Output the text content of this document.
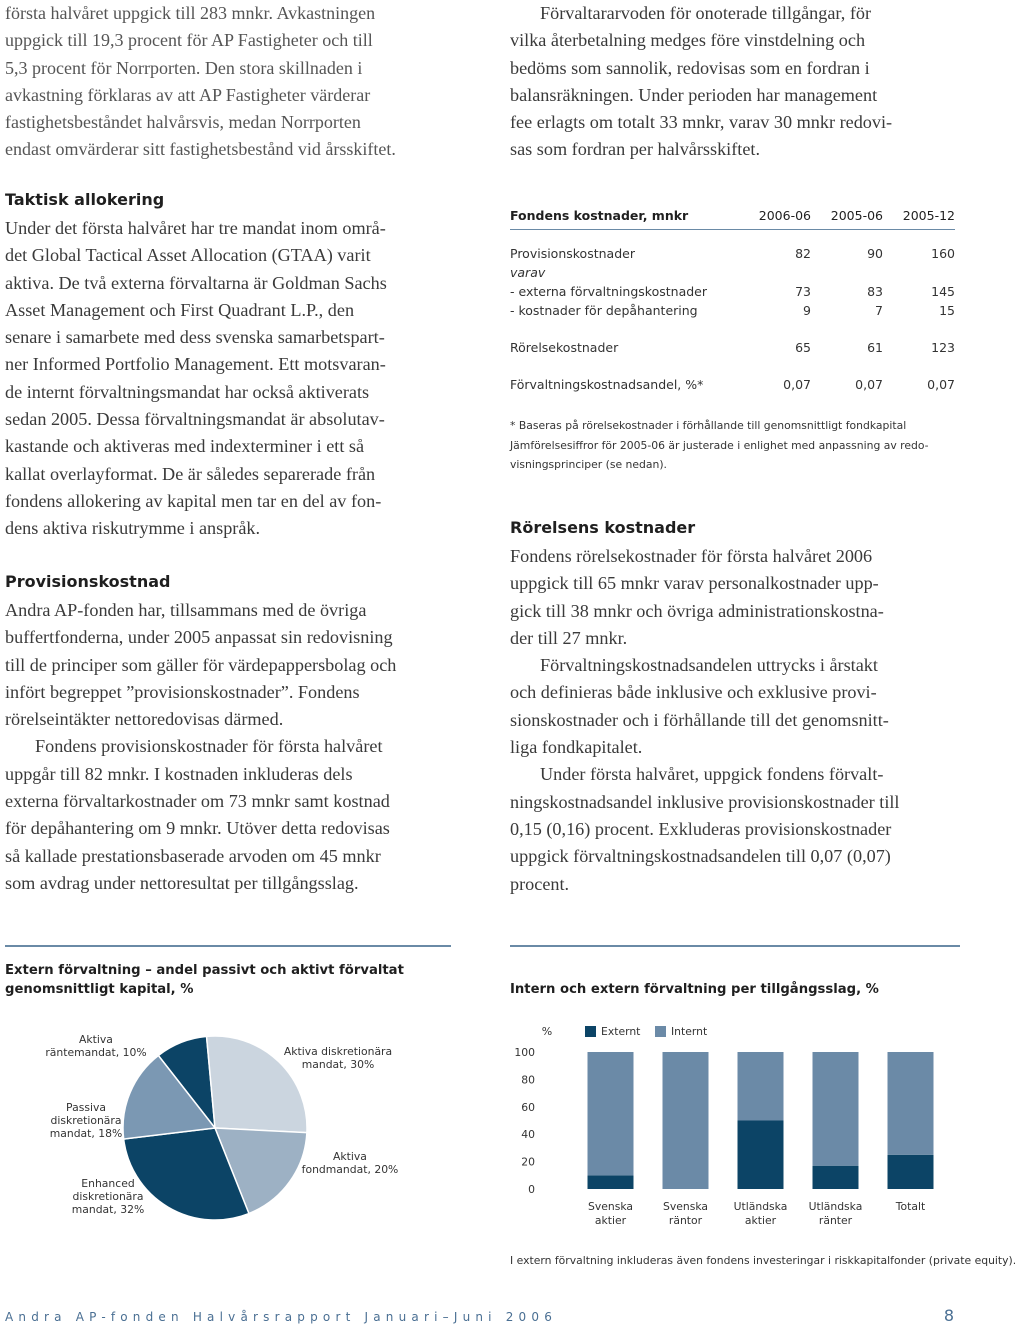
första halvåret uppgick till 283 mnkr. Avkastningen
uppgick till 19,3 procent för AP Fastigheter och till
5,3 procent för Norrporten. Den stora skillnaden i
avkastning förklaras av att AP Fastigheter värderar
fastighetsbeståndet halvårsvis, medan Norrporten
endast omvärderar sitt fastighetsbestånd vid årsskiftet.
Taktisk allokering
Under det första halvåret har tre mandat inom områ-
det Global Tactical Asset Allocation (GTAA) varit
aktiva. De två externa förvaltarna är Goldman Sachs
Asset Management och First Quadrant L.P., den
senare i samarbete med dess svenska samarbetspart-
ner Informed Portfolio Management. Ett motsvaran-
de internt förvaltningsmandat har också aktiverats
sedan 2005. Dessa förvaltningsmandat är absolutav-
kastande och aktiveras med indexterminer i ett så
kallat overlayformat. De är således separerade från
fondens allokering av kapital men tar en del av fon-
dens aktiva riskutrymme i anspråk.
Provisionskostnad
Andra AP-fonden har, tillsammans med de övriga
buffertfonderna, under 2005 anpassat sin redovisning
till de principer som gäller för värdepappersbolag och
infört begreppet ”provisionskostnader”. Fondens
rörelseintäkter nettoredovisas därmed.
Fondens provisionskostnader för första halvåret
uppgår till 82 mnkr. I kostnaden inkluderas dels
externa förvaltarkostnader om 73 mnkr samt kostnad
för depåhantering om 9 mnkr. Utöver detta redovisas
så kallade prestationsbaserade arvoden om 45 mnkr
som avdrag under nettoresultat per tillgångsslag.
Förvaltararvoden för onoterade tillgångar, för
vilka återbetalning medges före vinstdelning och
bedöms som sannolik, redovisas som en fordran i
balansräkningen. Under perioden har management
fee erlagts om totalt 33 mnkr, varav 30 mnkr redovi-
sas som fordran per halvårsskiftet.
Fondens kostnader, mnkr	2006-06	2005-06	2005-12
Provisionskostnader	82	90	160
varav
- externa förvaltningskostnader	73	83	145
- kostnader för depåhantering	9	7	15
Rörelsekostnader	65	61	123
Förvaltningskostnadsandel, %*	0,07	0,07	0,07
* Baseras på rörelsekostnader i förhållande till genomsnittligt fondkapital
Jämförelsesiffror för 2005-06 är justerade i enlighet med anpassning av redo-
visningsprinciper (se nedan).
Rörelsens kostnader
Fondens rörelsekostnader för första halvåret 2006
uppgick till 65 mnkr varav personalkostnader upp-
gick till 38 mnkr och övriga administrationskostna-
der till 27 mnkr.
Förvaltningskostnadsandelen uttrycks i årstakt
och definieras både inklusive och exklusive provi-
sionskostnader och i förhållande till det genomsnitt-
liga fondkapitalet.
Under första halvåret, uppgick fondens förvalt-
ningskostnadsandel inklusive provisionskostnader till
0,15 (0,16) procent. Exkluderas provisionskostnader
uppgick förvaltningskostnadsandelen till 0,07 (0,07)
procent.
Extern förvaltning – andel passivt och aktivt förvaltat
genomsnittligt kapital, %	Intern och extern förvaltning per tillgångsslag, %
Aktiva räntemandat, 10%	Aktiva diskretionära mandat, 30%
Aktiva fondmandat, 20%
Enhanced diskretionära mandat, 32%
Passiva diskretionära mandat, 18%
%
0
20
40
60
80
100
Externt	Internt
Svenska aktier
Svenska räntor
Utländska aktier
Utländska ränter
Totalt

I extern förvaltning inkluderas även fondens investeringar i riskkapitalfonder (private equity).

Andra AP-fonden Halvårsrapport Januari–Juni 2006	8
